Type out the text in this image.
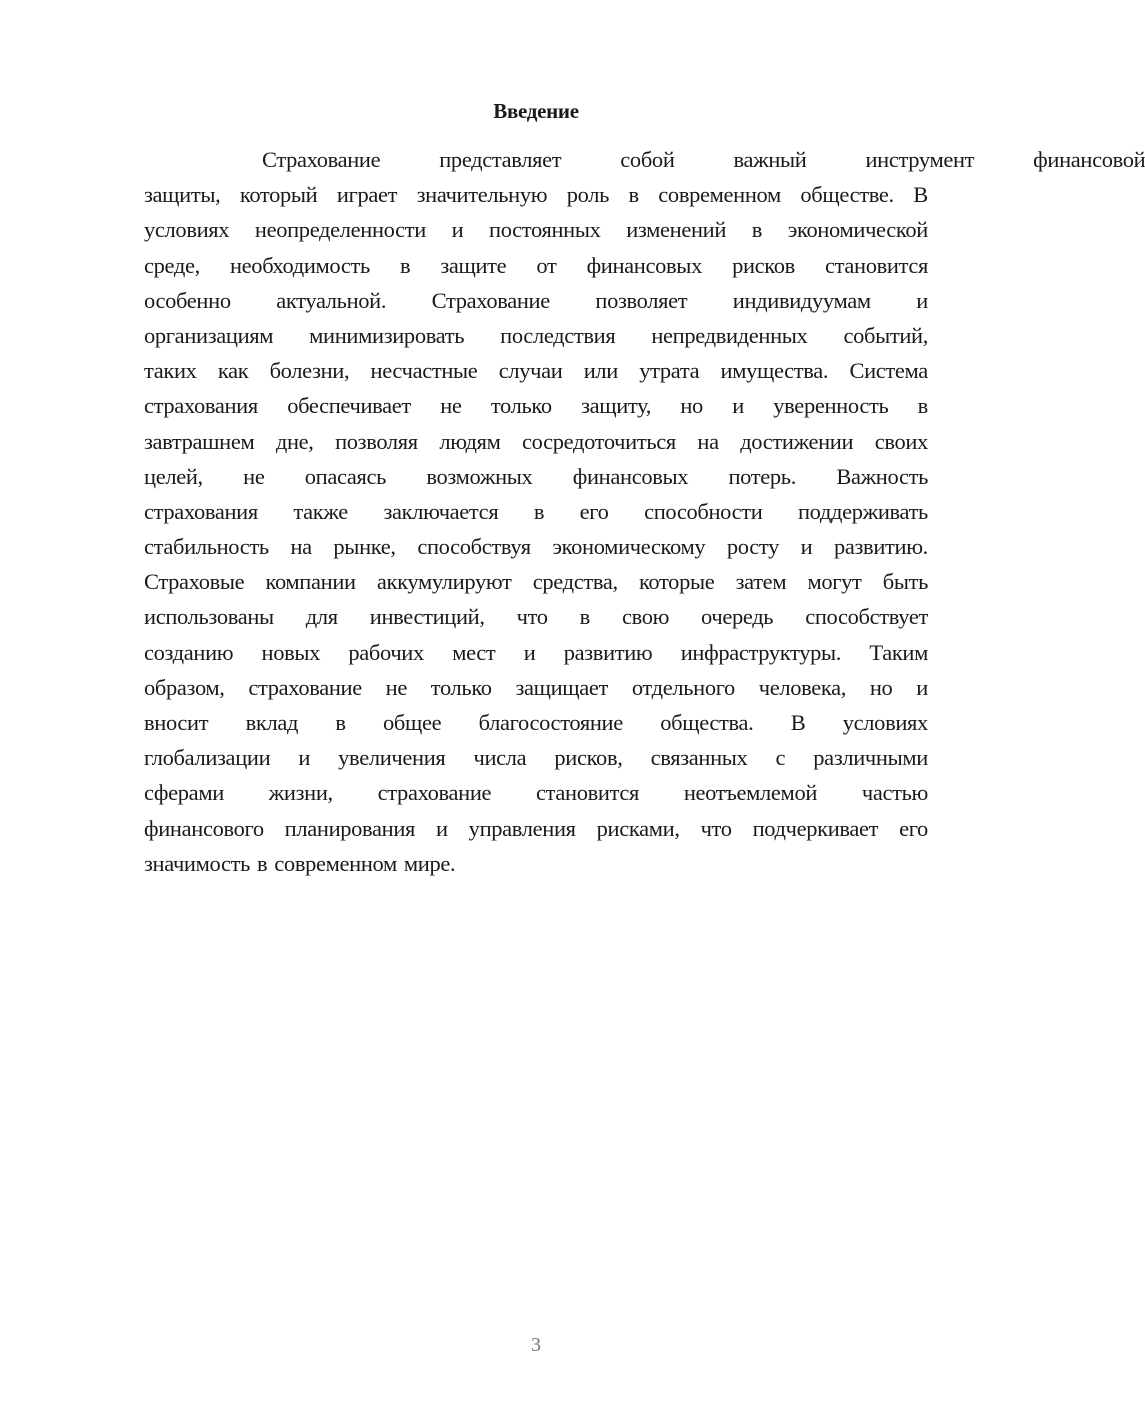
Введение
Страхование	представляет	собой	важный	инструмент	финансовой
защиты, который играет значительную роль в современном обществе. В
условиях неопределенности и постоянных изменений в экономической
среде, необходимость в защите от финансовых рисков становится
особенно актуальной. Страхование позволяет индивидуумам и
организациям минимизировать последствия непредвиденных событий,
таких как болезни, несчастные случаи или утрата имущества. Система
страхования обеспечивает не только защиту, но и уверенность в
завтрашнем дне, позволяя людям сосредоточиться на достижении своих
целей, не опасаясь возможных финансовых потерь. Важность
страхования также заключается в его способности поддерживать
стабильность на рынке, способствуя экономическому росту и развитию.
Страховые компании аккумулируют средства, которые затем могут быть
использованы для инвестиций, что в свою очередь способствует
созданию новых рабочих мест и развитию инфраструктуры. Таким
образом, страхование не только защищает отдельного человека, но и
вносит вклад в общее благосостояние общества. В условиях
глобализации и увеличения числа рисков, связанных с различными
сферами жизни, страхование становится неотъемлемой частью
финансового планирования и управления рисками, что подчеркивает его
значимость в современном мире.
3
